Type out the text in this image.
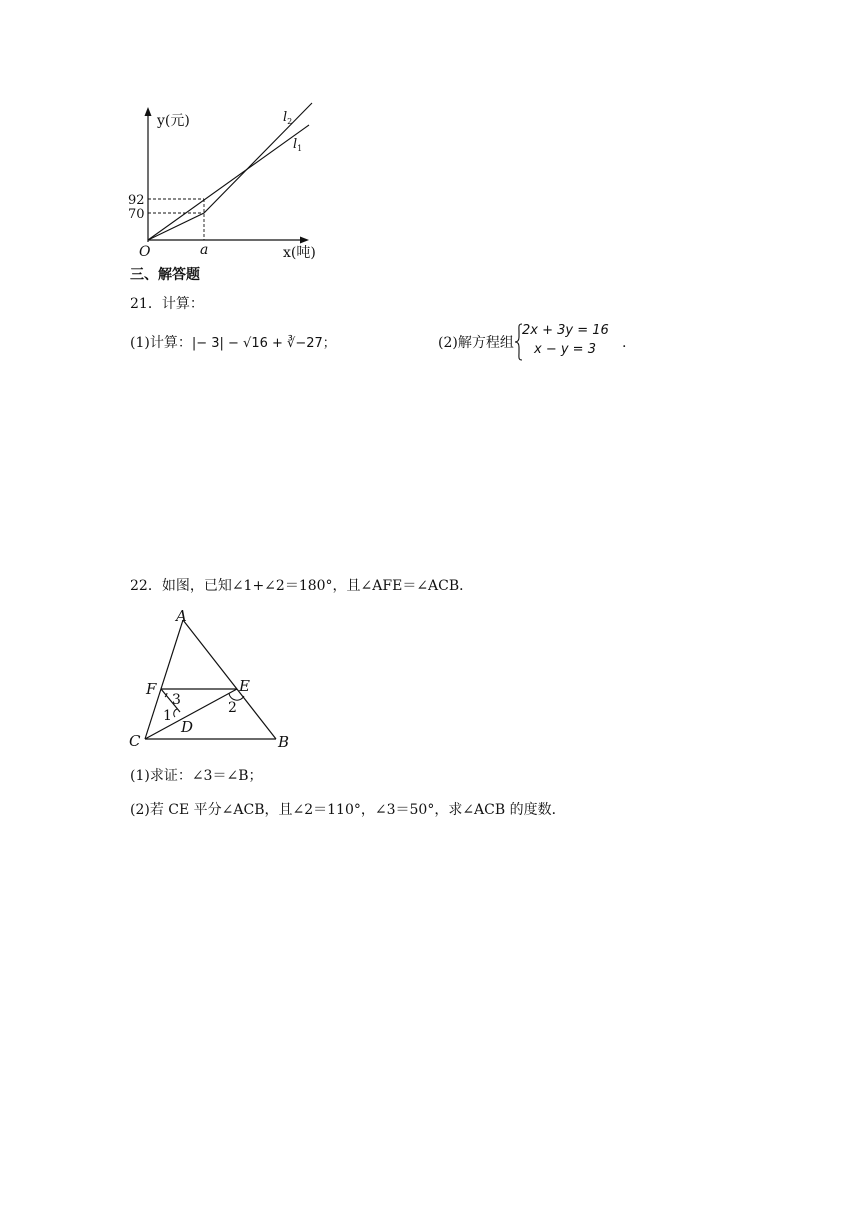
y(元)
x(吨)
O
92
70
a
$l_2$
$l_1$
三、解答题
21．计算：
(1)计算：|− 3| − √16 + ∛−27；	(2)解方程组
2x + 3y = 16
x − y = 3 .
22．如图，已知∠1+∠2＝180°，且∠AFE＝∠ACB．
A
F	E
C	B
D
1	2
3
(1)求证：∠3＝∠B；
(2)若 CE 平分∠ACB，且∠2＝110°，∠3＝50°，求∠ACB 的度数．
